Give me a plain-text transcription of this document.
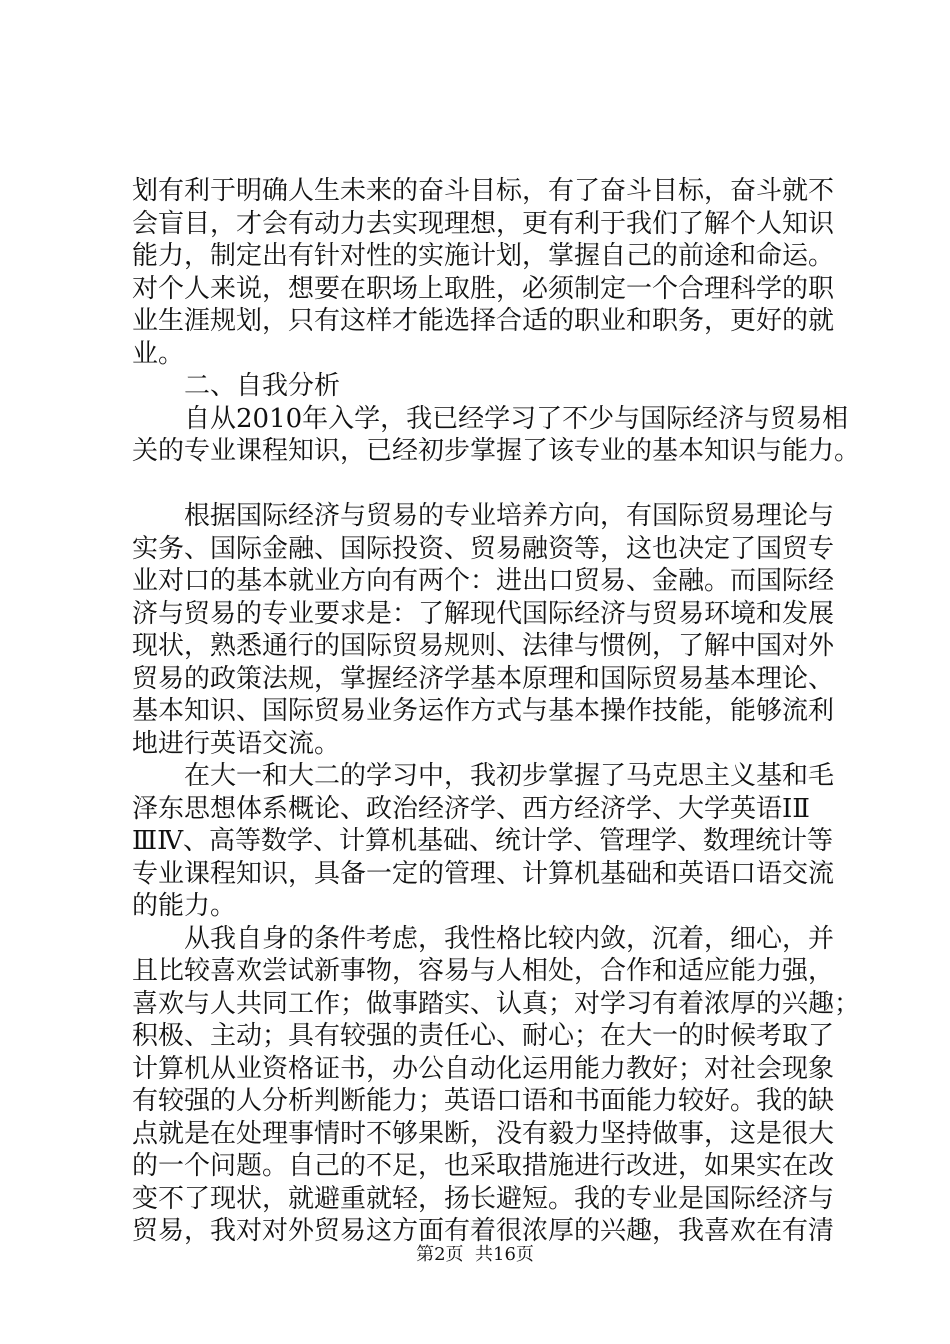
划有利于明确人生未来的奋斗目标，有了奋斗目标，奋斗就不
会盲目，才会有动力去实现理想，更有利于我们了解个人知识
能力，制定出有针对性的实施计划，掌握自己的前途和命运。
对个人来说，想要在职场上取胜，必须制定一个合理科学的职
业生涯规划，只有这样才能选择合适的职业和职务，更好的就
业。
　　二、自我分析
　　自从2010年入学，我已经学习了不少与国际经济与贸易相
关的专业课程知识，已经初步掌握了该专业的基本知识与能力。
　　根据国际经济与贸易的专业培养方向，有国际贸易理论与
实务、国际金融、国际投资、贸易融资等，这也决定了国贸专
业对口的基本就业方向有两个：进出口贸易、金融。而国际经
济与贸易的专业要求是：了解现代国际经济与贸易环境和发展
现状，熟悉通行的国际贸易规则、法律与惯例，了解中国对外
贸易的政策法规，掌握经济学基本原理和国际贸易基本理论、
基本知识、国际贸易业务运作方式与基本操作技能，能够流利
地进行英语交流。
　　在大一和大二的学习中，我初步掌握了马克思主义基和毛
泽东思想体系概论、政治经济学、西方经济学、大学英语ⅠⅡ
ⅢⅣ、高等数学、计算机基础、统计学、管理学、数理统计等
专业课程知识，具备一定的管理、计算机基础和英语口语交流
的能力。
　　从我自身的条件考虑，我性格比较内敛，沉着，细心，并
且比较喜欢尝试新事物，容易与人相处，合作和适应能力强，
喜欢与人共同工作；做事踏实、认真；对学习有着浓厚的兴趣；
积极、主动；具有较强的责任心、耐心；在大一的时候考取了
计算机从业资格证书，办公自动化运用能力教好；对社会现象
有较强的人分析判断能力；英语口语和书面能力较好。我的缺
点就是在处理事情时不够果断，没有毅力坚持做事，这是很大
的一个问题。自己的不足，也采取措施进行改进，如果实在改
变不了现状，就避重就轻，扬长避短。我的专业是国际经济与
贸易，我对对外贸易这方面有着很浓厚的兴趣，我喜欢在有清
第2页  共16页
